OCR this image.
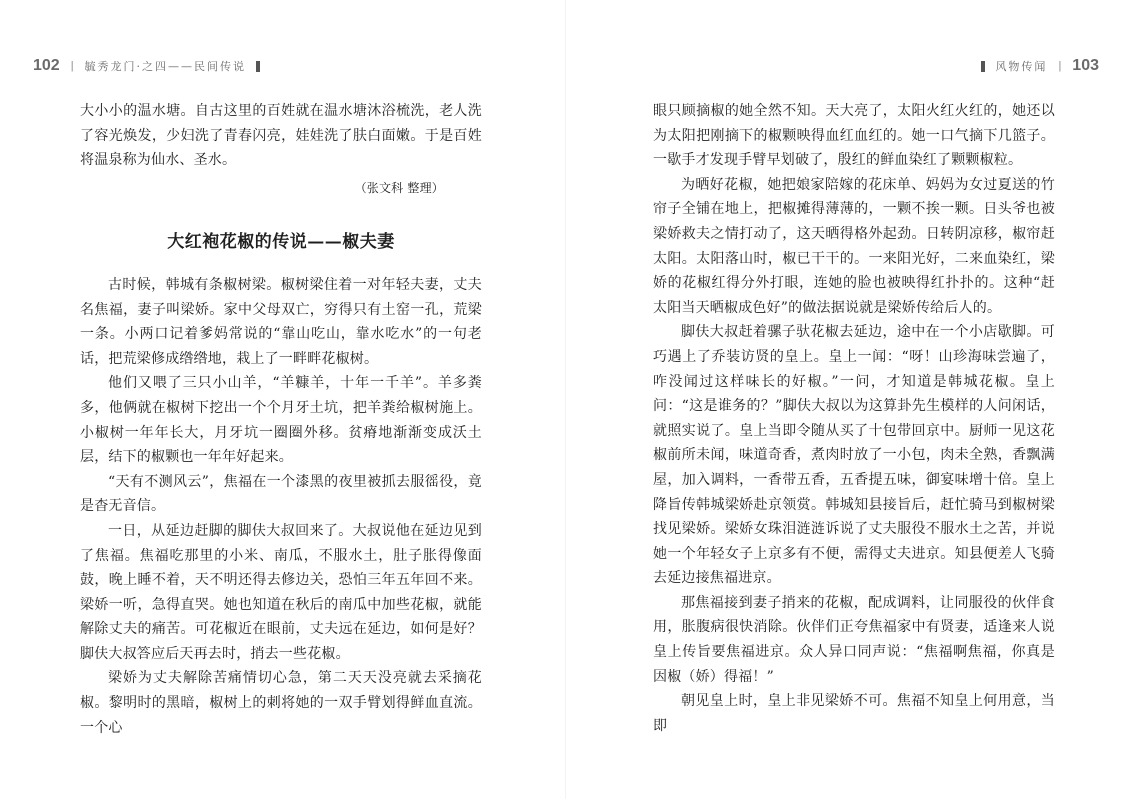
102 | 毓秀龙门·之四——民间传说

大小小的温水塘。自古这里的百姓就在温水塘沐浴梳洗，老人洗了容光焕发，少妇洗了青春闪亮，娃娃洗了肤白面嫩。于是百姓将温泉称为仙水、圣水。

（张文科 整理）

大红袍花椒的传说——椒夫妻

古时候，韩城有条椒树梁。椒树梁住着一对年轻夫妻，丈夫名焦福，妻子叫梁娇。家中父母双亡，穷得只有土窑一孔，荒梁一条。小两口记着爹妈常说的“靠山吃山，靠水吃水”的一句老话，把荒梁修成绺绺地，栽上了一畔畔花椒树。

他们又喂了三只小山羊，“羊糠羊，十年一千羊”。羊多粪多，他俩就在椒树下挖出一个个月牙土坑，把羊粪给椒树施上。小椒树一年年长大，月牙坑一圈圈外移。贫瘠地渐渐变成沃土层，结下的椒颗也一年年好起来。

“天有不测风云”，焦福在一个漆黑的夜里被抓去服徭役，竟是杳无音信。

一日，从延边赶脚的脚伕大叔回来了。大叔说他在延边见到了焦福。焦福吃那里的小米、南瓜，不服水土，肚子胀得像面鼓，晚上睡不着，天不明还得去修边关，恐怕三年五年回不来。梁娇一听，急得直哭。她也知道在秋后的南瓜中加些花椒，就能解除丈夫的痛苦。可花椒近在眼前，丈夫远在延边，如何是好？脚伕大叔答应后天再去时，捎去一些花椒。

梁娇为丈夫解除苦痛情切心急，第二天天没亮就去采摘花椒。黎明时的黑暗，椒树上的刺将她的一双手臂划得鲜血直流。一个心

风物传闻 | 103

眼只顾摘椒的她全然不知。天大亮了，太阳火红火红的，她还以为太阳把刚摘下的椒颗映得血红血红的。她一口气摘下几篮子。一歇手才发现手臂早划破了，殷红的鲜血染红了颗颗椒粒。

为晒好花椒，她把娘家陪嫁的花床单、妈妈为女过夏送的竹帘子全铺在地上，把椒摊得薄薄的，一颗不挨一颗。日头爷也被梁娇救夫之情打动了，这天晒得格外起劲。日转阴凉移，椒帘赶太阳。太阳落山时，椒已干干的。一来阳光好，二来血染红，梁娇的花椒红得分外打眼，连她的脸也被映得红扑扑的。这种“赶太阳当天晒椒成色好”的做法据说就是梁娇传给后人的。

脚伕大叔赶着骡子驮花椒去延边，途中在一个小店歇脚。可巧遇上了乔装访贤的皇上。皇上一闻：“呀！山珍海味尝遍了，咋没闻过这样味长的好椒。”一问，才知道是韩城花椒。皇上问：“这是谁务的？”脚伕大叔以为这算卦先生模样的人问闲话，就照实说了。皇上当即令随从买了十包带回京中。厨师一见这花椒前所未闻，味道奇香，煮肉时放了一小包，肉未全熟，香飘满屋，加入调料，一香带五香，五香提五味，御宴味增十倍。皇上降旨传韩城梁娇赴京领赏。韩城知县接旨后，赶忙骑马到椒树梁找见梁娇。梁娇女珠泪涟涟诉说了丈夫服役不服水土之苦，并说她一个年轻女子上京多有不便，需得丈夫进京。知县便差人飞骑去延边接焦福进京。

那焦福接到妻子捎来的花椒，配成调料，让同服役的伙伴食用，胀腹病很快消除。伙伴们正夸焦福家中有贤妻，适逢来人说皇上传旨要焦福进京。众人异口同声说：“焦福啊焦福，你真是因椒（娇）得福！”

朝见皇上时，皇上非见梁娇不可。焦福不知皇上何用意，当即
